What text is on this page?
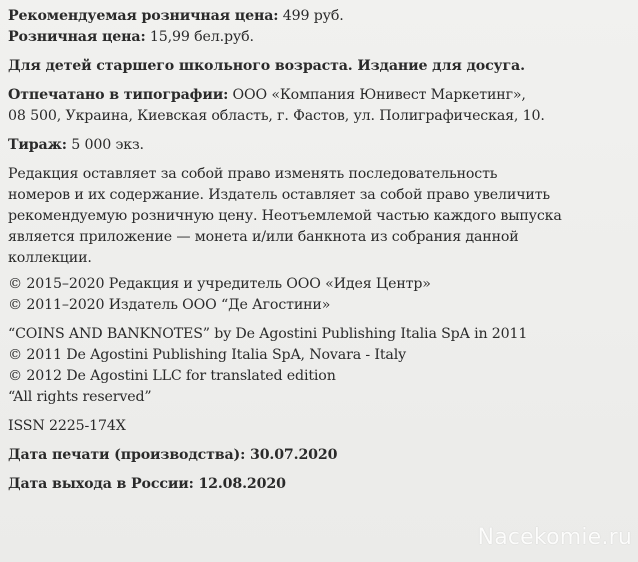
Рекомендуемая розничная цена: 499 руб.
Розничная цена: 15,99 бел.руб.
Для детей старшего школьного возраста. Издание для досуга.
Отпечатано в типографии: ООО «Компания Юнивест Маркетинг»,
08 500, Украина, Киевская область, г. Фастов, ул. Полиграфическая, 10.
Тираж: 5 000 экз.
Редакция оставляет за собой право изменять последовательность
номеров и их содержание. Издатель оставляет за собой право увеличить
рекомендуемую розничную цену. Неотъемлемой частью каждого выпуска
является приложение — монета и/или банкнота из собрания данной
коллекции.
© 2015–2020 Редакция и учредитель ООО «Идея Центр»
© 2011–2020 Издатель ООО “Де Агостини»
“COINS AND BANKNOTES” by De Agostini Publishing Italia SpA in 2011
© 2011 De Agostini Publishing Italia SpA, Novara - Italy
© 2012 De Agostini LLC for translated edition
“All rights reserved”
ISSN 2225-174X
Дата печати (производства): 30.07.2020
Дата выхода в России: 12.08.2020
Nacekomie.ru
